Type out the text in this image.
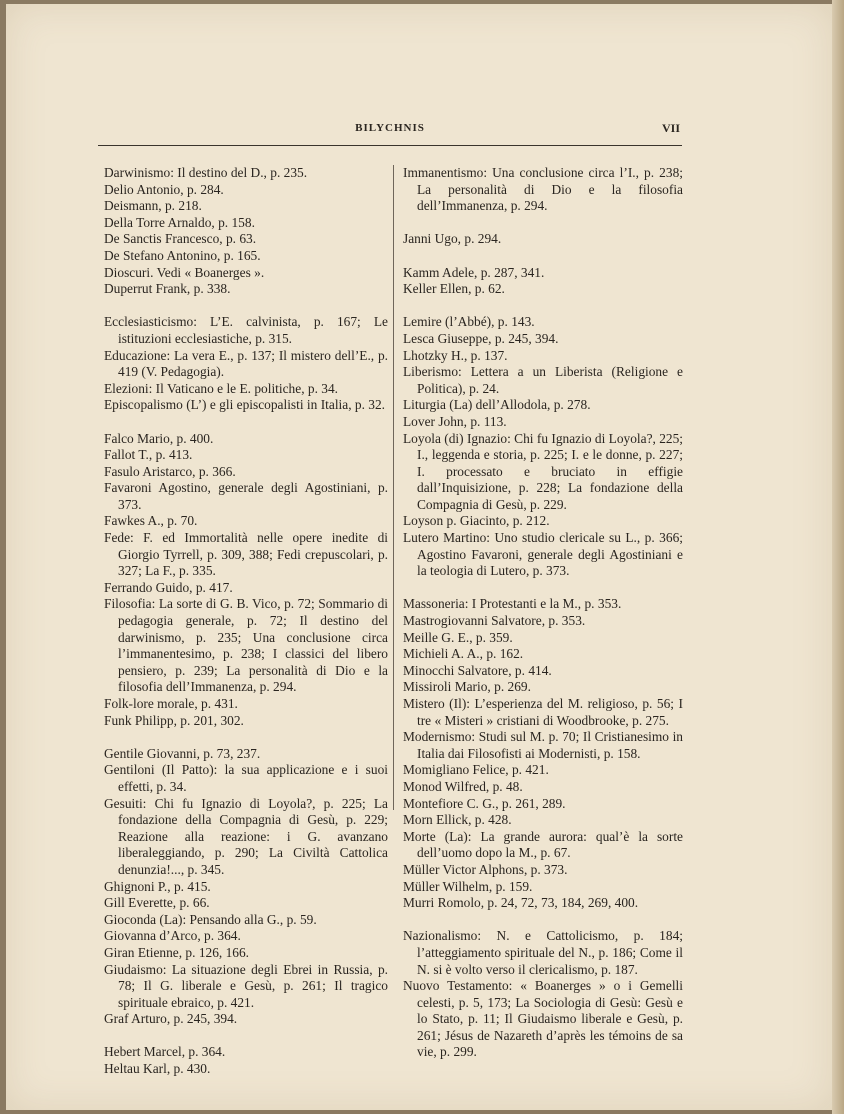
BILYCHNIS	VII
Darwinismo: Il destino del D., p. 235.
Delio Antonio, p. 284.
Deismann, p. 218.
Della Torre Arnaldo, p. 158.
De Sanctis Francesco, p. 63.
De Stefano Antonino, p. 165.
Dioscuri. Vedi « Boanerges ».
Duperrut Frank, p. 338.
Ecclesiasticismo: L’E. calvinista, p. 167; Le istituzioni ecclesiastiche, p. 315.
Educazione: La vera E., p. 137; Il mistero dell’E., p. 419 (V. Pedagogia).
Elezioni: Il Vaticano e le E. politiche, p. 34.
Episcopalismo (L’) e gli episcopalisti in Italia, p. 32.
Falco Mario, p. 400.
Fallot T., p. 413.
Fasulo Aristarco, p. 366.
Favaroni Agostino, generale degli Agostiniani, p. 373.
Fawkes A., p. 70.
Fede: F. ed Immortalità nelle opere inedite di Giorgio Tyrrell, p. 309, 388; Fedi crepuscolari, p. 327; La F., p. 335.
Ferrando Guido, p. 417.
Filosofia: La sorte di G. B. Vico, p. 72; Sommario di pedagogia generale, p. 72; Il destino del darwinismo, p. 235; Una conclusione circa l’immanentesimo, p. 238; I classici del libero pensiero, p. 239; La personalità di Dio e la filosofia dell’Immanenza, p. 294.
Folk-lore morale, p. 431.
Funk Philipp, p. 201, 302.
Gentile Giovanni, p. 73, 237.
Gentiloni (Il Patto): la sua applicazione e i suoi effetti, p. 34.
Gesuiti: Chi fu Ignazio di Loyola?, p. 225; La fondazione della Compagnia di Gesù, p. 229; Reazione alla reazione: i G. avanzano liberaleggiando, p. 290; La Civiltà Cattolica denunzia!..., p. 345.
Ghignoni P., p. 415.
Gill Everette, p. 66.
Gioconda (La): Pensando alla G., p. 59.
Giovanna d’Arco, p. 364.
Giran Etienne, p. 126, 166.
Giudaismo: La situazione degli Ebrei in Russia, p. 78; Il G. liberale e Gesù, p. 261; Il tragico spirituale ebraico, p. 421.
Graf Arturo, p. 245, 394.
Hebert Marcel, p. 364.
Heltau Karl, p. 430.
Immanentismo: Una conclusione circa l’I., p. 238; La personalità di Dio e la filosofia dell’Immanenza, p. 294.
Janni Ugo, p. 294.
Kamm Adele, p. 287, 341.
Keller Ellen, p. 62.
Lemire (l’Abbé), p. 143.
Lesca Giuseppe, p. 245, 394.
Lhotzky H., p. 137.
Liberismo: Lettera a un Liberista (Religione e Politica), p. 24.
Liturgia (La) dell’Allodola, p. 278.
Lover John, p. 113.
Loyola (di) Ignazio: Chi fu Ignazio di Loyola?, 225; I., leggenda e storia, p. 225; I. e le donne, p. 227; I. processato e bruciato in effigie dall’Inquisizione, p. 228; La fondazione della Compagnia di Gesù, p. 229.
Loyson p. Giacinto, p. 212.
Lutero Martino: Uno studio clericale su L., p. 366; Agostino Favaroni, generale degli Agostiniani e la teologia di Lutero, p. 373.
Massoneria: I Protestanti e la M., p. 353.
Mastrogiovanni Salvatore, p. 353.
Meille G. E., p. 359.
Michieli A. A., p. 162.
Minocchi Salvatore, p. 414.
Missiroli Mario, p. 269.
Mistero (Il): L’esperienza del M. religioso, p. 56; I tre « Misteri » cristiani di Woodbrooke, p. 275.
Modernismo: Studi sul M. p. 70; Il Cristianesimo in Italia dai Filosofisti ai Modernisti, p. 158.
Momigliano Felice, p. 421.
Monod Wilfred, p. 48.
Montefiore C. G., p. 261, 289.
Morn Ellick, p. 428.
Morte (La): La grande aurora: qual’è la sorte dell’uomo dopo la M., p. 67.
Müller Victor Alphons, p. 373.
Müller Wilhelm, p. 159.
Murri Romolo, p. 24, 72, 73, 184, 269, 400.
Nazionalismo: N. e Cattolicismo, p. 184; l’atteggiamento spirituale del N., p. 186; Come il N. si è volto verso il clericalismo, p. 187.
Nuovo Testamento: « Boanerges » o i Gemelli celesti, p. 5, 173; La Sociologia di Gesù: Gesù e lo Stato, p. 11; Il Giudaismo liberale e Gesù, p. 261; Jésus de Nazareth d’après les témoins de sa vie, p. 299.
